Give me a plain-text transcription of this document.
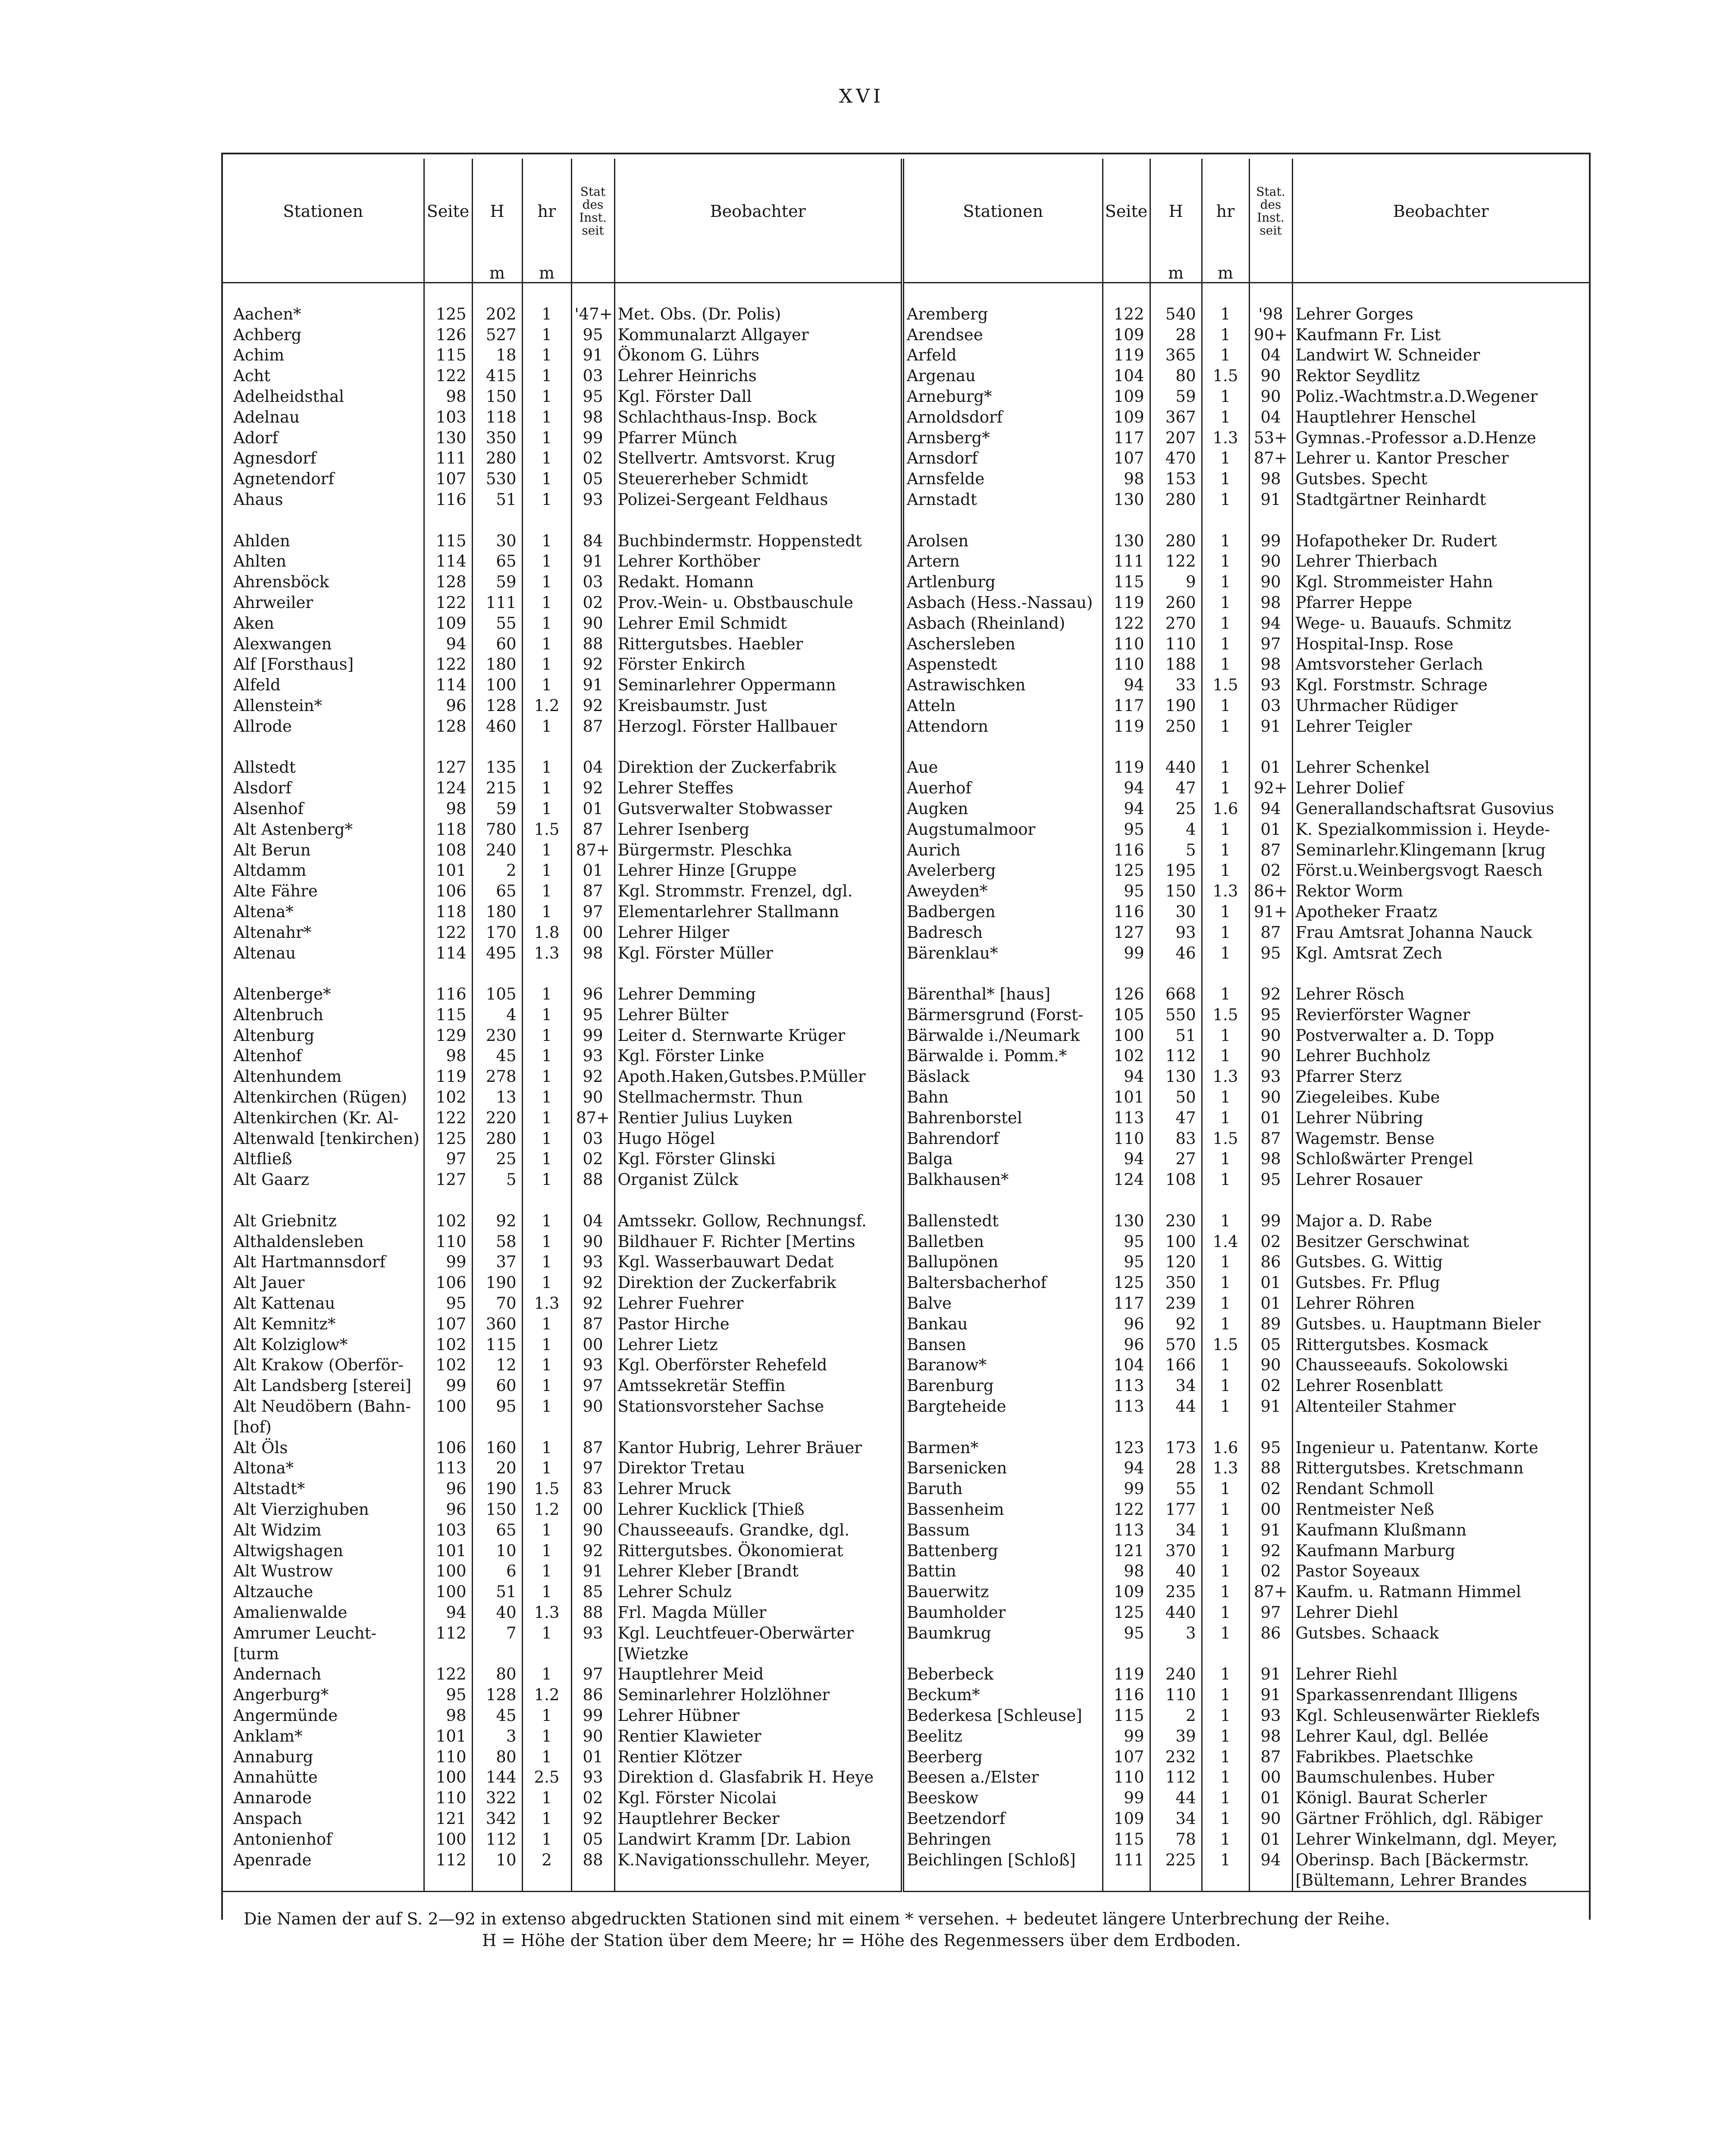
XVI
Stationen	Seite	H	hr	Stat des Inst. seit	Beobachter	Stationen	Seite	H	hr	Stat. des Inst. seit	Beobachter
		m	m					m	m		

Aachen*	125	202	1	'47+	Met. Obs. (Dr. Polis)	Aremberg	122	540	1	'98	Lehrer Gorges
Achberg	126	527	1	95	Kommunalarzt Allgayer	Arendsee	109	28	1	90+	Kaufmann Fr. List
Achim	115	18	1	91	Ökonom G. Lührs	Arfeld	119	365	1	04	Landwirt W. Schneider
Acht	122	415	1	03	Lehrer Heinrichs	Argenau	104	80	1.5	90	Rektor Seydlitz
Adelheidsthal	98	150	1	95	Kgl. Förster Dall	Arneburg*	109	59	1	90	Poliz.-Wachtmstr.a.D.Wegener
Adelnau	103	118	1	98	Schlachthaus-Insp. Bock	Arnoldsdorf	109	367	1	04	Hauptlehrer Henschel
Adorf	130	350	1	99	Pfarrer Münch	Arnsberg*	117	207	1.3	53+	Gymnas.-Professor a.D.Henze
Agnesdorf	111	280	1	02	Stellvertr. Amtsvorst. Krug	Arnsdorf	107	470	1	87+	Lehrer u. Kantor Prescher
Agnetendorf	107	530	1	05	Steuererheber Schmidt	Arnsfelde	98	153	1	98	Gutsbes. Specht
Ahaus	116	51	1	93	Polizei-Sergeant Feldhaus	Arnstadt	130	280	1	91	Stadtgärtner Reinhardt

Ahlden	115	30	1	84	Buchbindermstr. Hoppenstedt	Arolsen	130	280	1	99	Hofapotheker Dr. Rudert
Ahlten	114	65	1	91	Lehrer Korthöber	Artern	111	122	1	90	Lehrer Thierbach
Ahrensböck	128	59	1	03	Redakt. Homann	Artlenburg	115	9	1	90	Kgl. Strommeister Hahn
Ahrweiler	122	111	1	02	Prov.-Wein- u. Obstbauschule	Asbach (Hess.-Nassau)	119	260	1	98	Pfarrer Heppe
Aken	109	55	1	90	Lehrer Emil Schmidt	Asbach (Rheinland)	122	270	1	94	Wege- u. Bauaufs. Schmitz
Alexwangen	94	60	1	88	Rittergutsbes. Haebler	Aschersleben	110	110	1	97	Hospital-Insp. Rose
Alf [Forsthaus]	122	180	1	92	Förster Enkirch	Aspenstedt	110	188	1	98	Amtsvorsteher Gerlach
Alfeld	114	100	1	91	Seminarlehrer Oppermann	Astrawischken	94	33	1.5	93	Kgl. Forstmstr. Schrage
Allenstein*	96	128	1.2	92	Kreisbaumstr. Just	Atteln	117	190	1	03	Uhrmacher Rüdiger
Allrode	128	460	1	87	Herzogl. Förster Hallbauer	Attendorn	119	250	1	91	Lehrer Teigler

Allstedt	127	135	1	04	Direktion der Zuckerfabrik	Aue	119	440	1	01	Lehrer Schenkel
Alsdorf	124	215	1	92	Lehrer Steffes	Auerhof	94	47	1	92+	Lehrer Dolief
Alsenhof	98	59	1	01	Gutsverwalter Stobwasser	Augken	94	25	1.6	94	Generallandschaftsrat Gusovius
Alt Astenberg*	118	780	1.5	87	Lehrer Isenberg	Augstumalmoor	95	4	1	01	K. Spezialkommission i. Heyde-
Alt Berun	108	240	1	87+	Bürgermstr. Pleschka	Aurich	116	5	1	87	Seminarlehr.Klingemann [krug
Altdamm	101	2	1	01	Lehrer Hinze [Gruppe	Avelerberg	125	195	1	02	Först.u.Weinbergsvogt Raesch
Alte Fähre	106	65	1	87	Kgl. Strommstr. Frenzel, dgl.	Aweyden*	95	150	1.3	86+	Rektor Worm
Altena*	118	180	1	97	Elementarlehrer Stallmann	Badbergen	116	30	1	91+	Apotheker Fraatz
Altenahr*	122	170	1.8	00	Lehrer Hilger	Badresch	127	93	1	87	Frau Amtsrat Johanna Nauck
Altenau	114	495	1.3	98	Kgl. Förster Müller	Bärenklau*	99	46	1	95	Kgl. Amtsrat Zech

Altenberge*	116	105	1	96	Lehrer Demming	Bärenthal* [haus]	126	668	1	92	Lehrer Rösch
Altenbruch	115	4	1	95	Lehrer Bülter	Bärmersgrund (Forst-	105	550	1.5	95	Revierförster Wagner
Altenburg	129	230	1	99	Leiter d. Sternwarte Krüger	Bärwalde i./Neumark	100	51	1	90	Postverwalter a. D. Topp
Altenhof	98	45	1	93	Kgl. Förster Linke	Bärwalde i. Pomm.*	102	112	1	90	Lehrer Buchholz
Altenhundem	119	278	1	92	Apoth.Haken,Gutsbes.P.Müller	Bäslack	94	130	1.3	93	Pfarrer Sterz
Altenkirchen (Rügen)	102	13	1	90	Stellmachermstr. Thun	Bahn	101	50	1	90	Ziegeleibes. Kube
Altenkirchen (Kr. Al-	122	220	1	87+	Rentier Julius Luyken	Bahrenborstel	113	47	1	01	Lehrer Nübring
Altenwald [tenkirchen)	125	280	1	03	Hugo Högel	Bahrendorf	110	83	1.5	87	Wagemstr. Bense
Altfließ	97	25	1	02	Kgl. Förster Glinski	Balga	94	27	1	98	Schloßwärter Prengel
Alt Gaarz	127	5	1	88	Organist Zülck	Balkhausen*	124	108	1	95	Lehrer Rosauer

Alt Griebnitz	102	92	1	04	Amtssekr. Gollow, Rechnungsf.	Ballenstedt	130	230	1	99	Major a. D. Rabe
Althaldensleben	110	58	1	90	Bildhauer F. Richter [Mertins	Balletben	95	100	1.4	02	Besitzer Gerschwinat
Alt Hartmannsdorf	99	37	1	93	Kgl. Wasserbauwart Dedat	Ballupönen	95	120	1	86	Gutsbes. G. Wittig
Alt Jauer	106	190	1	92	Direktion der Zuckerfabrik	Baltersbacherhof	125	350	1	01	Gutsbes. Fr. Pflug
Alt Kattenau	95	70	1.3	92	Lehrer Fuehrer	Balve	117	239	1	01	Lehrer Röhren
Alt Kemnitz*	107	360	1	87	Pastor Hirche	Bankau	96	92	1	89	Gutsbes. u. Hauptmann Bieler
Alt Kolziglow*	102	115	1	00	Lehrer Lietz	Bansen	96	570	1.5	05	Rittergutsbes. Kosmack
Alt Krakow (Oberför-	102	12	1	93	Kgl. Oberförster Rehefeld	Baranow*	104	166	1	90	Chausseeaufs. Sokolowski
Alt Landsberg [sterei]	99	60	1	97	Amtssekretär Steffin	Barenburg	113	34	1	02	Lehrer Rosenblatt
Alt Neudöbern (Bahn-	100	95	1	90	Stationsvorsteher Sachse	Bargteheide	113	44	1	91	Altenteiler Stahmer
[hof)											
Alt Öls	106	160	1	87	Kantor Hubrig, Lehrer Bräuer	Barmen*	123	173	1.6	95	Ingenieur u. Patentanw. Korte
Altona*	113	20	1	97	Direktor Tretau	Barsenicken	94	28	1.3	88	Rittergutsbes. Kretschmann
Altstadt*	96	190	1.5	83	Lehrer Mruck	Baruth	99	55	1	02	Rendant Schmoll
Alt Vierzighuben	96	150	1.2	00	Lehrer Kucklick [Thieß	Bassenheim	122	177	1	00	Rentmeister Neß
Alt Widzim	103	65	1	90	Chausseeaufs. Grandke, dgl.	Bassum	113	34	1	91	Kaufmann Klußmann
Altwigshagen	101	10	1	92	Rittergutsbes. Ökonomierat	Battenberg	121	370	1	92	Kaufmann Marburg
Alt Wustrow	100	6	1	91	Lehrer Kleber [Brandt	Battin	98	40	1	02	Pastor Soyeaux
Altzauche	100	51	1	85	Lehrer Schulz	Bauerwitz	109	235	1	87+	Kaufm. u. Ratmann Himmel
Amalienwalde	94	40	1.3	88	Frl. Magda Müller	Baumholder	125	440	1	97	Lehrer Diehl
Amrumer Leucht-	112	7	1	93	Kgl. Leuchtfeuer-Oberwärter	Baumkrug	95	3	1	86	Gutsbes. Schaack
[turm					[Wietzke						
Andernach	122	80	1	97	Hauptlehrer Meid	Beberbeck	119	240	1	91	Lehrer Riehl
Angerburg*	95	128	1.2	86	Seminarlehrer Holzlöhner	Beckum*	116	110	1	91	Sparkassenrendant Illigens
Angermünde	98	45	1	99	Lehrer Hübner	Bederkesa [Schleuse]	115	2	1	93	Kgl. Schleusenwärter Rieklefs
Anklam*	101	3	1	90	Rentier Klawieter	Beelitz	99	39	1	98	Lehrer Kaul, dgl. Bellée
Annaburg	110	80	1	01	Rentier Klötzer	Beerberg	107	232	1	87	Fabrikbes. Plaetschke
Annahütte	100	144	2.5	93	Direktion d. Glasfabrik H. Heye	Beesen a./Elster	110	112	1	00	Baumschulenbes. Huber
Annarode	110	322	1	02	Kgl. Förster Nicolai	Beeskow	99	44	1	01	Königl. Baurat Scherler
Anspach	121	342	1	92	Hauptlehrer Becker	Beetzendorf	109	34	1	90	Gärtner Fröhlich, dgl. Räbiger
Antonienhof	100	112	1	05	Landwirt Kramm [Dr. Labion	Behringen	115	78	1	01	Lehrer Winkelmann, dgl. Meyer,
Apenrade	112	10	2	88	K.Navigationsschullehr. Meyer,	Beichlingen [Schloß]	111	225	1	94	Oberinsp. Bach [Bäckermstr.
											[Bültemann, Lehrer Brandes
Die Namen der auf S. 2—92 in extenso abgedruckten Stationen sind mit einem * versehen. + bedeutet längere Unterbrechung der Reihe.
H = Höhe der Station über dem Meere; hr = Höhe des Regenmessers über dem Erdboden.
